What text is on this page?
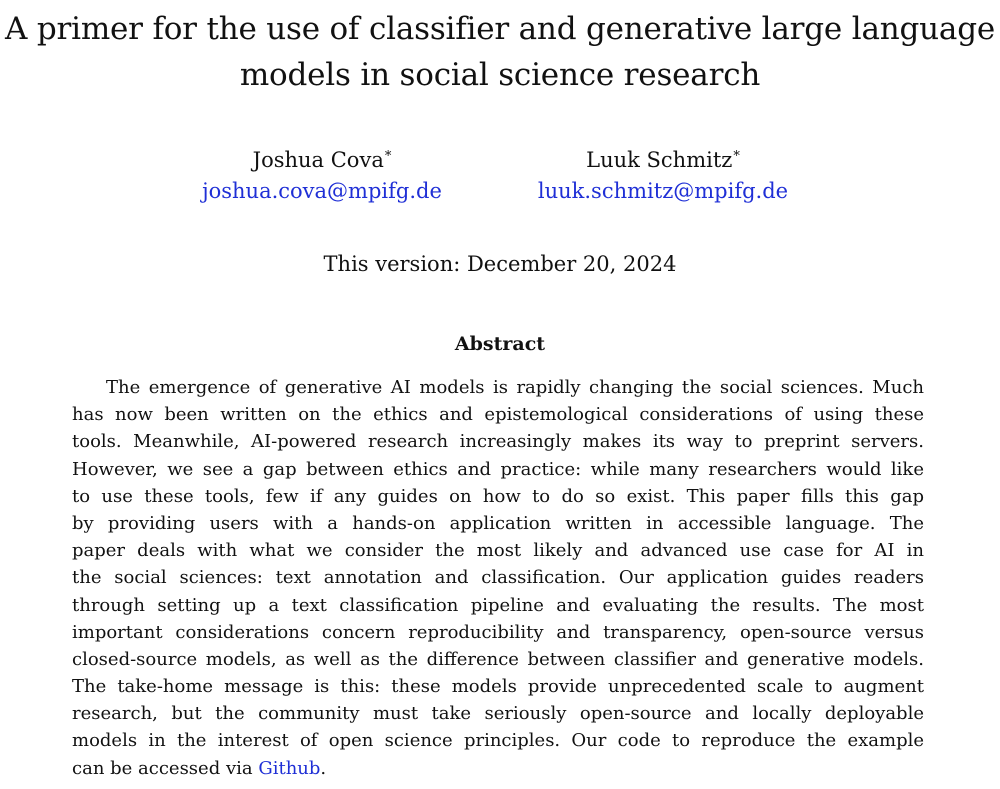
A primer for the use of classifier and generative large language
models in social science research
Joshua Cova*
joshua.cova@mpifg.de
Luuk Schmitz*
luuk.schmitz@mpifg.de
This version: December 20, 2024
Abstract
The emergence of generative AI models is rapidly changing the social sciences. Much
has now been written on the ethics and epistemological considerations of using these
tools. Meanwhile, AI-powered research increasingly makes its way to preprint servers.
However, we see a gap between ethics and practice: while many researchers would like
to use these tools, few if any guides on how to do so exist. This paper fills this gap
by providing users with a hands-on application written in accessible language. The
paper deals with what we consider the most likely and advanced use case for AI in
the social sciences: text annotation and classification. Our application guides readers
through setting up a text classification pipeline and evaluating the results. The most
important considerations concern reproducibility and transparency, open-source versus
closed-source models, as well as the difference between classifier and generative models.
The take-home message is this: these models provide unprecedented scale to augment
research, but the community must take seriously open-source and locally deployable
models in the interest of open science principles. Our code to reproduce the example
can be accessed via Github.
